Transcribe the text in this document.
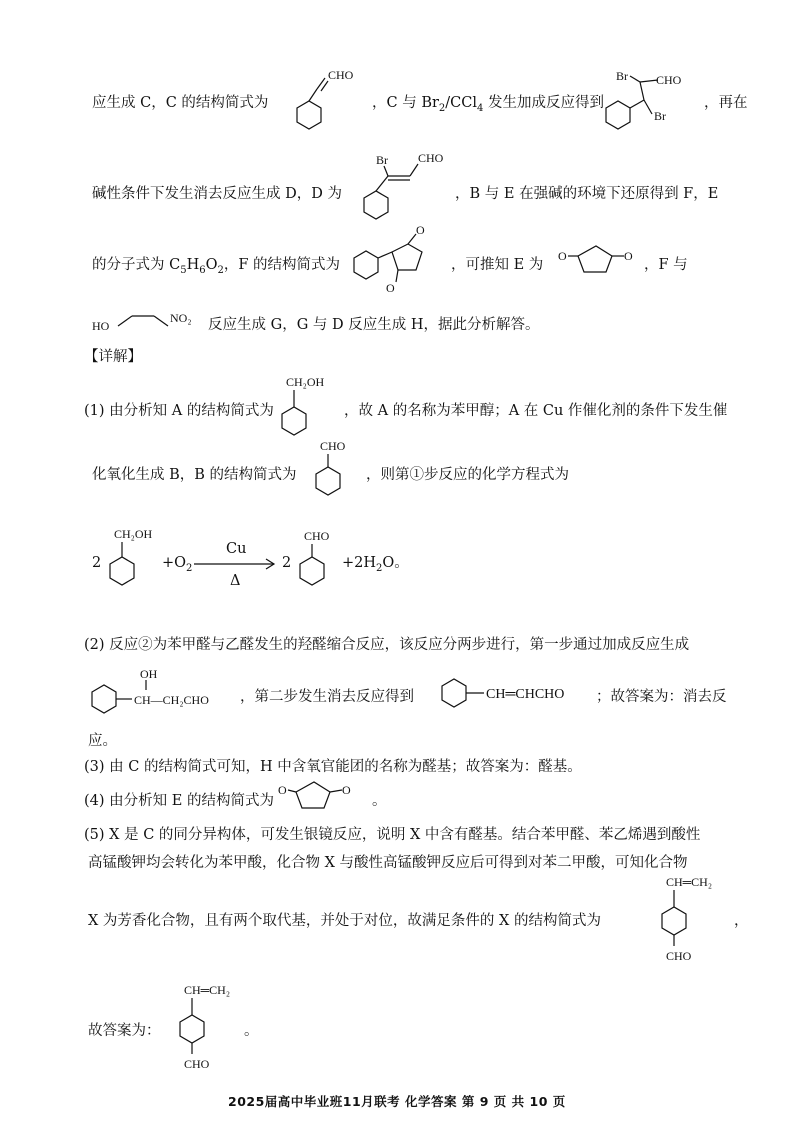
应生成 C，C 的结构简式为
CHO
，C 与 $Br_2/CCl_4$ 发生加成反应得到
Br CHO
Br
，再在
碱性条件下发生消去反应生成 D，D 为
Br	CHO
，B 与 E 在强碱的环境下还原得到 F，E
的分子式为 $C_5H_6O_2$，F 的结构简式为
O
O
，可推知 E 为
O	O
，F 与
HO
NO₂ 反应生成 G，G 与 D 反应生成 H，据此分析解答。
【详解】
(1) 由分析知 A 的结构简式为
CH₂OH
，故 A 的名称为苯甲醇；A 在 Cu 作催化剂的条件下发生催
化氧化生成 B，B 的结构简式为
CHO
，则第①步反应的化学方程式为
2
CH₂OH
$+O_2$
Cu
Δ
2
CHO
$+2H_2O$。
(2) 反应②为苯甲醛与乙醛发生的羟醛缩合反应，该反应分两步进行，第一步通过加成反应生成
OH
CH—CH₂CHO ，第二步发生消去反应得到	CH═CHCHO ；故答案为：消去反
应。
(3) 由 C 的结构简式可知，H 中含氧官能团的名称为醛基；故答案为：醛基。
(4) 由分析知 E 的结构简式为
O	O
。
(5) X 是 C 的同分异构体，可发生银镜反应，说明 X 中含有醛基。结合苯甲醛、苯乙烯遇到酸性
高锰酸钾均会转化为苯甲酸，化合物 X 与酸性高锰酸钾反应后可得到对苯二甲酸，可知化合物
X 为芳香化合物，且有两个取代基，并处于对位，故满足条件的 X 的结构简式为
CH═CH₂
CHO
，
故答案为：
CH═CH₂
CHO
。
2025届高中毕业班11月联考 化学答案 第 9 页 共 10 页
